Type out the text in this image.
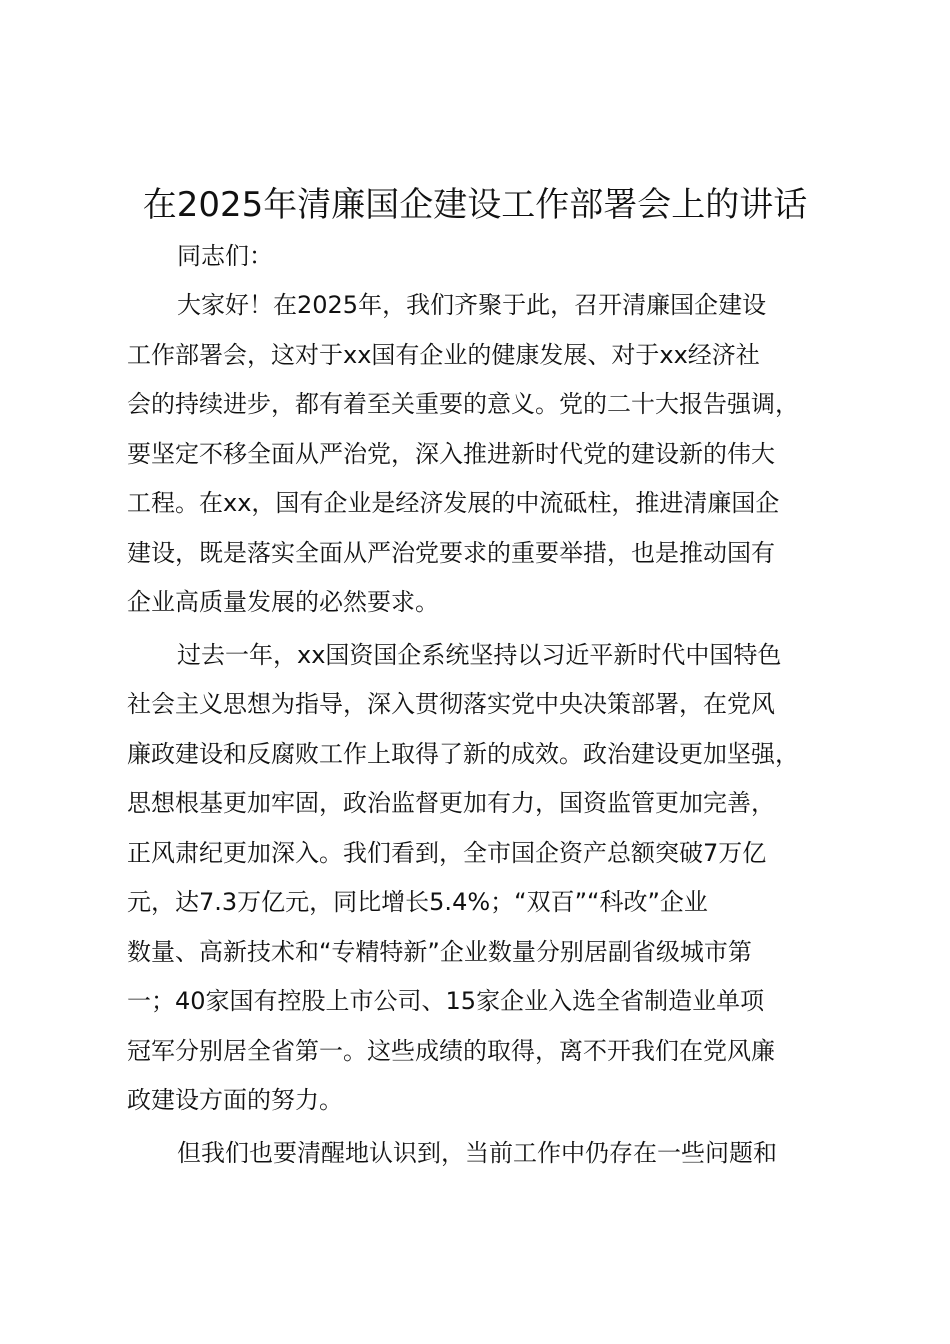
在2025年清廉国企建设工作部署会上的讲话

同志们：

大家好！在2025年，我们齐聚于此，召开清廉国企建设

工作部署会，这对于xx国有企业的健康发展、对于xx经济社

会的持续进步，都有着至关重要的意义。党的二十大报告强调，

要坚定不移全面从严治党，深入推进新时代党的建设新的伟大

工程。在xx，国有企业是经济发展的中流砥柱，推进清廉国企

建设，既是落实全面从严治党要求的重要举措，也是推动国有

企业高质量发展的必然要求。

过去一年，xx国资国企系统坚持以习近平新时代中国特色

社会主义思想为指导，深入贯彻落实党中央决策部署，在党风

廉政建设和反腐败工作上取得了新的成效。政治建设更加坚强，

思想根基更加牢固，政治监督更加有力，国资监管更加完善，

正风肃纪更加深入。我们看到，全市国企资产总额突破7万亿

元，达7.3万亿元，同比增长5.4%；“双百”“科改”企业

数量、高新技术和“专精特新”企业数量分别居副省级城市第

一；40家国有控股上市公司、15家企业入选全省制造业单项

冠军分别居全省第一。这些成绩的取得，离不开我们在党风廉

政建设方面的努力。

但我们也要清醒地认识到，当前工作中仍存在一些问题和
